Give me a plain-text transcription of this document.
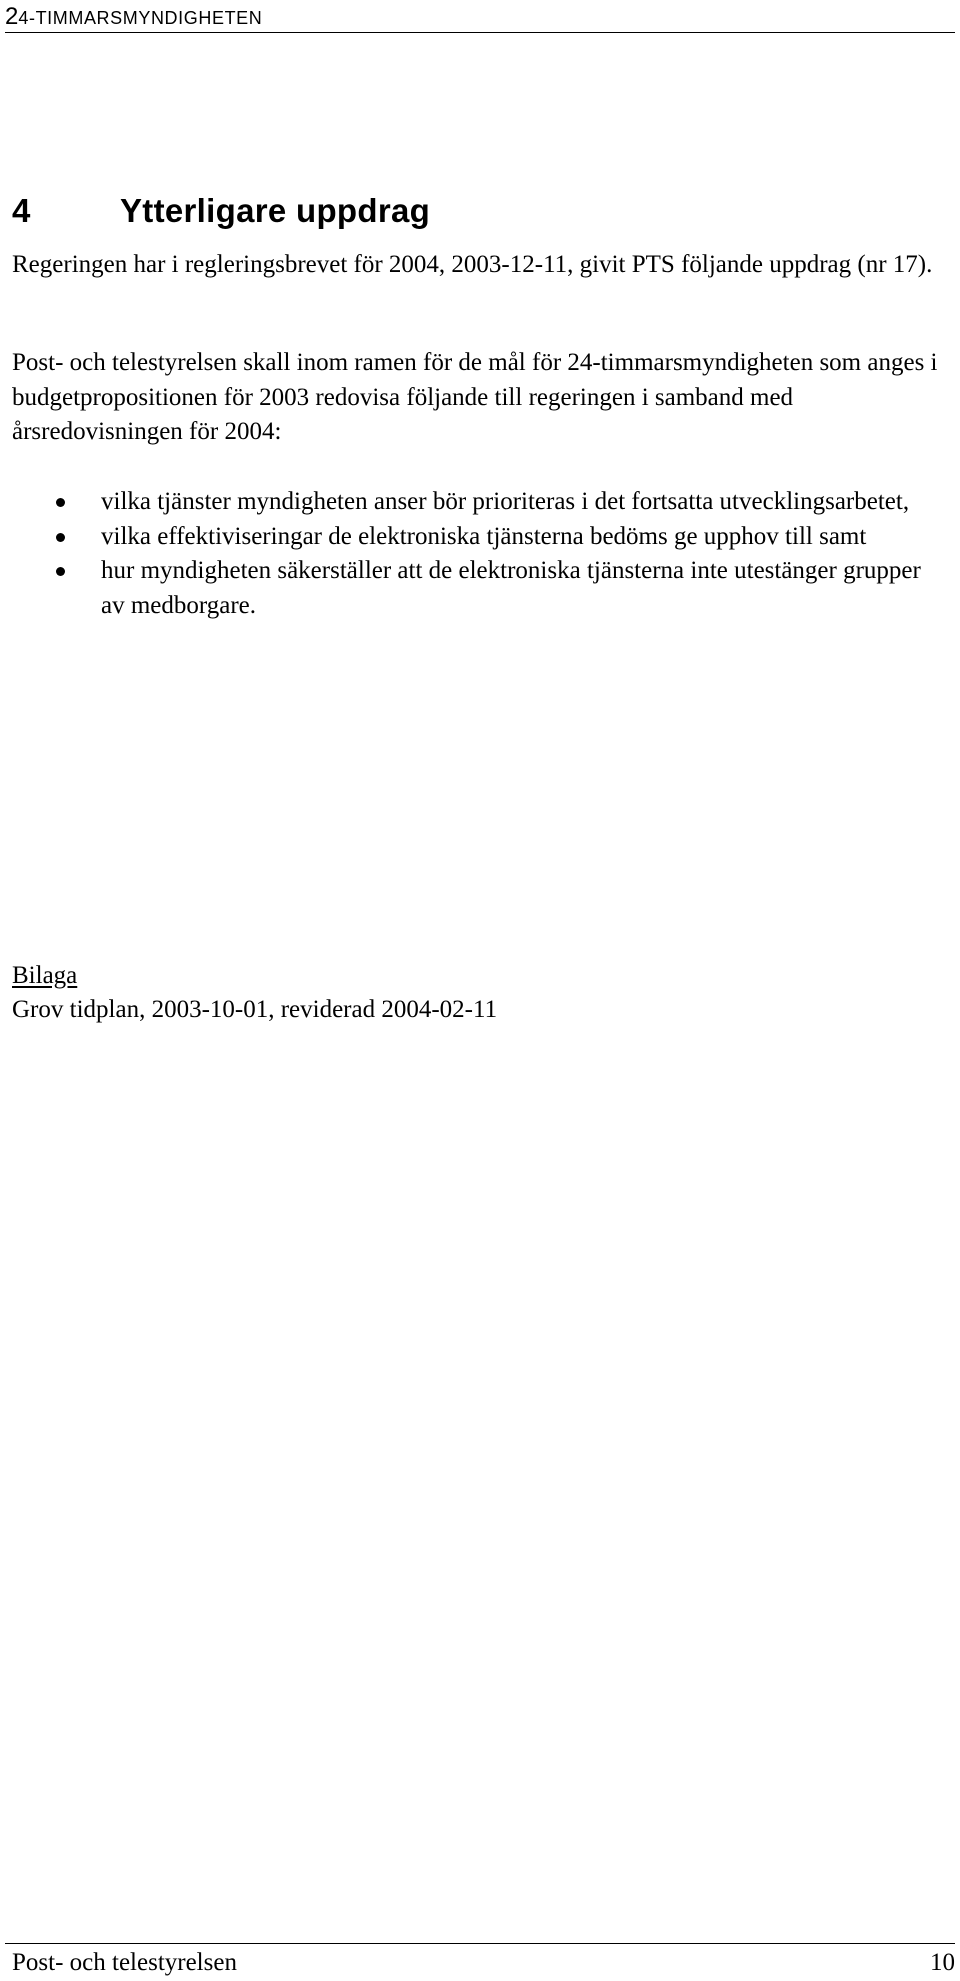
2 4-TIMMARSMYNDIGHETEN
4	Ytterligare uppdrag

Regeringen har i regleringsbrevet för 2004, 2003-12-11, givit PTS följande uppdrag (nr 17).

Post- och telestyrelsen skall inom ramen för de mål för 24-timmarsmyndigheten som anges i budgetpropositionen för 2003 redovisa följande till regeringen i samband med årsredovisningen för 2004:

vilka tjänster myndigheten anser bör prioriteras i det fortsatta utvecklingsarbetet,
vilka effektiviseringar de elektroniska tjänsterna bedöms ge upphov till samt
hur myndigheten säkerställer att de elektroniska tjänsterna inte utestänger grupper av medborgare.
Bilaga
Grov tidplan, 2003-10-01, reviderad 2004-02-11
Post- och telestyrelsen	10
